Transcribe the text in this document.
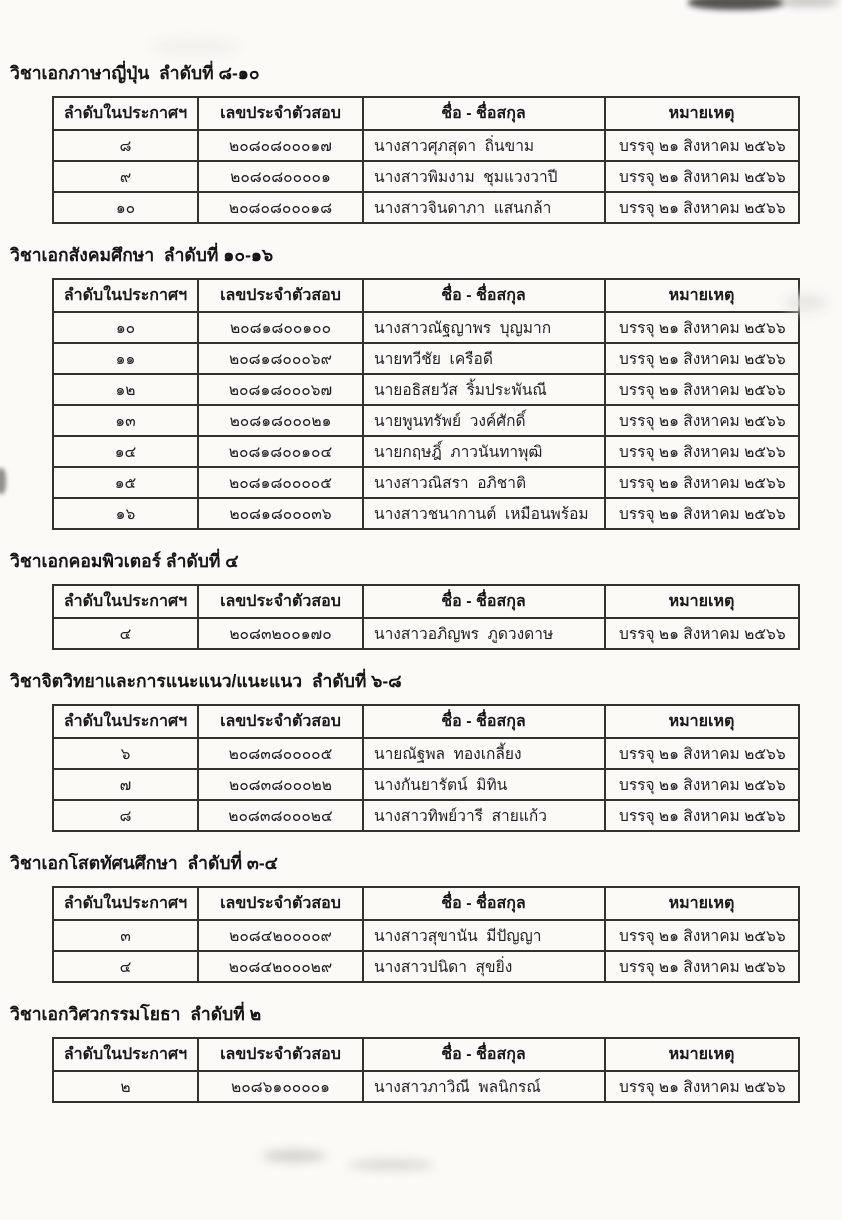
วิชาเอกภาษาญี่ปุ่น  ลำดับที่ ๘-๑๐

ลำดับในประกาศฯ	เลขประจำตัวสอบ	ชื่อ - ชื่อสกุล	หมายเหตุ
๘	๒๐๘๐๘๐๐๐๑๗	นางสาวศุภสุดา  ถิ่นขาม	บรรจุ ๒๑ สิงหาคม ๒๕๖๖
๙	๒๐๘๐๘๐๐๐๐๑	นางสาวพิมงาม  ชุมแวงวาปี	บรรจุ ๒๑ สิงหาคม ๒๕๖๖
๑๐	๒๐๘๐๘๐๐๐๑๘	นางสาวจินดาภา  แสนกล้า	บรรจุ ๒๑ สิงหาคม ๒๕๖๖

วิชาเอกสังคมศึกษา  ลำดับที่ ๑๐-๑๖

ลำดับในประกาศฯ	เลขประจำตัวสอบ	ชื่อ - ชื่อสกุล	หมายเหตุ
๑๐	๒๐๘๑๘๐๐๑๐๐	นางสาวณัฐญาพร  บุญมาก	บรรจุ ๒๑ สิงหาคม ๒๕๖๖
๑๑	๒๐๘๑๘๐๐๐๖๙	นายทวีชัย  เครือดี	บรรจุ ๒๑ สิงหาคม ๒๕๖๖
๑๒	๒๐๘๑๘๐๐๐๖๗	นายอธิสยวัส  ริ้มประพันณี	บรรจุ ๒๑ สิงหาคม ๒๕๖๖
๑๓	๒๐๘๑๘๐๐๐๒๑	นายพูนทรัพย์  วงค์ศักดิ์	บรรจุ ๒๑ สิงหาคม ๒๕๖๖
๑๔	๒๐๘๑๘๐๐๑๐๔	นายกฤษฎิ์  ภาวนันทาพุฒิ	บรรจุ ๒๑ สิงหาคม ๒๕๖๖
๑๕	๒๐๘๑๘๐๐๐๐๕	นางสาวณิสรา  อภิชาติ	บรรจุ ๒๑ สิงหาคม ๒๕๖๖
๑๖	๒๐๘๑๘๐๐๐๓๖	นางสาวชนากานต์  เหมือนพร้อม	บรรจุ ๒๑ สิงหาคม ๒๕๖๖

วิชาเอกคอมพิวเตอร์ ลำดับที่ ๔

ลำดับในประกาศฯ	เลขประจำตัวสอบ	ชื่อ - ชื่อสกุล	หมายเหตุ
๔	๒๐๘๓๒๐๐๑๗๐	นางสาวอภิญพร  ภูดวงดาษ	บรรจุ ๒๑ สิงหาคม ๒๕๖๖

วิชาจิตวิทยาและการแนะแนว/แนะแนว  ลำดับที่ ๖-๘

ลำดับในประกาศฯ	เลขประจำตัวสอบ	ชื่อ - ชื่อสกุล	หมายเหตุ
๖	๒๐๘๓๘๐๐๐๐๕	นายณัฐพล  ทองเกลี้ยง	บรรจุ ๒๑ สิงหาคม ๒๕๖๖
๗	๒๐๘๓๘๐๐๐๒๒	นางกันยารัตน์  มิทิน	บรรจุ ๒๑ สิงหาคม ๒๕๖๖
๘	๒๐๘๓๘๐๐๐๒๔	นางสาวทิพย์วารี  สายแก้ว	บรรจุ ๒๑ สิงหาคม ๒๕๖๖

วิชาเอกโสตทัศนศึกษา  ลำดับที่ ๓-๔

ลำดับในประกาศฯ	เลขประจำตัวสอบ	ชื่อ - ชื่อสกุล	หมายเหตุ
๓	๒๐๘๔๒๐๐๐๐๙	นางสาวสุขานัน  มีปัญญา	บรรจุ ๒๑ สิงหาคม ๒๕๖๖
๔	๒๐๘๔๒๐๐๐๒๙	นางสาวปนิดา  สุขยิ่ง	บรรจุ ๒๑ สิงหาคม ๒๕๖๖

วิชาเอกวิศวกรรมโยธา  ลำดับที่ ๒

ลำดับในประกาศฯ	เลขประจำตัวสอบ	ชื่อ - ชื่อสกุล	หมายเหตุ
๒	๒๐๘๖๑๐๐๐๐๑	นางสาวภาวิณี  พลนิกรณ์	บรรจุ ๒๑ สิงหาคม ๒๕๖๖
